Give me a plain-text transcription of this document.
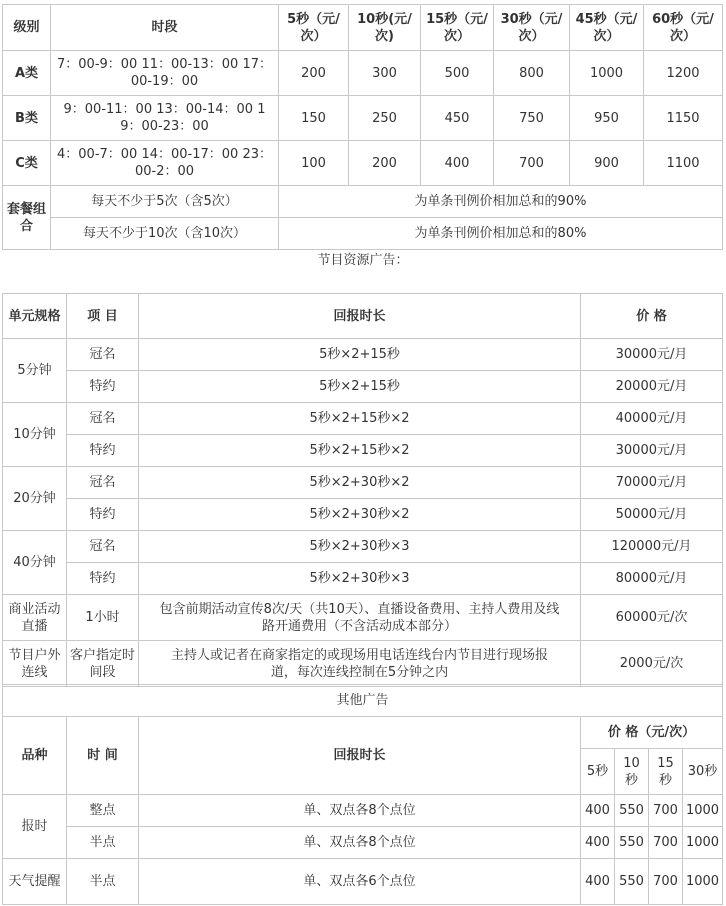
级别	时段	5秒（元/次）	10秒(元/次)	15秒（元/次）	30秒（元/次）	45秒（元/次）	60秒（元/次）
A类	7：00-9：00 11：00-13：00 17：00-19：00	200	300	500	800	1000	1200
B类	9：00-11：00 13：00-14：00 19：00-23：00	150	250	450	750	950	1150
C类	4：00-7：00 14：00-17：00 23：00-2：00	100	200	400	700	900	1100
套餐组合	每天不少于5次（含5次）	为单条刊例价相加总和的90%					
	每天不少于10次（含10次）	为单条刊例价相加总和的80%					
节目资源广告：
单元规格	项 目	回报时长	价 格
5分钟	冠名	5秒×2+15秒	30000元/月
	特约	5秒×2+15秒	20000元/月
10分钟	冠名	5秒×2+15秒×2	40000元/月
	特约	5秒×2+15秒×2	30000元/月
20分钟	冠名	5秒×2+30秒×2	70000元/月
	特约	5秒×2+30秒×2	50000元/月
40分钟	冠名	5秒×2+30秒×3	120000元/月
	特约	5秒×2+30秒×3	80000元/月
商业活动直播	1小时	包含前期活动宣传8次/天（共10天）、直播设备费用、主持人费用及线路开通费用（不含活动成本部分）	60000元/次
节目户外连线	客户指定时间段	主持人或记者在商家指定的或现场用电话连线台内节目进行现场报道，每次连线控制在5分钟之内	2000元/次
其他广告						
品种	时 间	回报时长	价 格（元/次）			
			5秒	10秒	15秒	30秒
报时	整点	单、双点各8个点位	400	550	700	1000
	半点	单、双点各8个点位	400	550	700	1000
天气提醒	半点	单、双点各6个点位	400	550	700	1000
